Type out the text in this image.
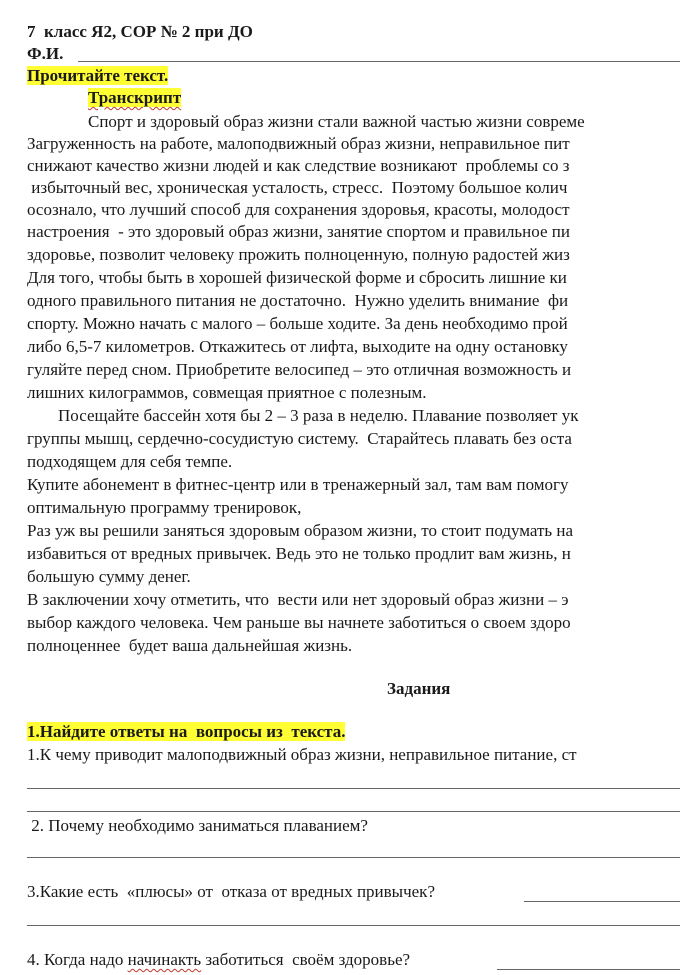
7  класс Я2, СОР № 2 при ДО
Ф.И.
Прочитайте текст.
Транскрипт
Спорт и здоровый образ жизни стали важной частью жизни совреме
Загруженность на работе, малоподвижный образ жизни, неправильное пит
снижают качество жизни людей и как следствие возникают  проблемы со з
избыточный вес, хроническая усталость, стресс.  Поэтому большое колич
осознало, что лучший способ для сохранения здоровья, красоты, молодост
настроения  - это здоровый образ жизни, занятие спортом и правильное пи
здоровье, позволит человеку прожить полноценную, полную радостей жиз
Для того, чтобы быть в хорошей физической форме и сбросить лишние ки
одного правильного питания не достаточно.  Нужно уделить внимание  фи
спорту. Можно начать с малого – больше ходите. За день необходимо прой
либо 6,5-7 километров. Откажитесь от лифта, выходите на одну остановку
гуляйте перед сном. Приобретите велосипед – это отличная возможность и
лишних килограммов, совмещая приятное с полезным.
Посещайте бассейн хотя бы 2 – 3 раза в неделю. Плавание позволяет ук
группы мышц, сердечно-сосудистую систему.  Старайтесь плавать без оста
подходящем для себя темпе.
Купите абонемент в фитнес-центр или в тренажерный зал, там вам помогу
оптимальную программу тренировок,
Раз уж вы решили заняться здоровым образом жизни, то стоит подумать на
избавиться от вредных привычек. Ведь это не только продлит вам жизнь, н
большую сумму денег.
В заключении хочу отметить, что  вести или нет здоровый образ жизни – э
выбор каждого человека. Чем раньше вы начнете заботиться о своем здоро
полноценнее  будет ваша дальнейшая жизнь.
Задания
1.Найдите ответы на  вопросы из  текста.
1.К чему приводит малоподвижный образ жизни, неправильное питание, ст
2. Почему необходимо заниматься плаванием?
3.Какие есть  «плюсы» от  отказа от вредных привычек?
4. Когда надо начинакть заботиться  своём здоровье?
